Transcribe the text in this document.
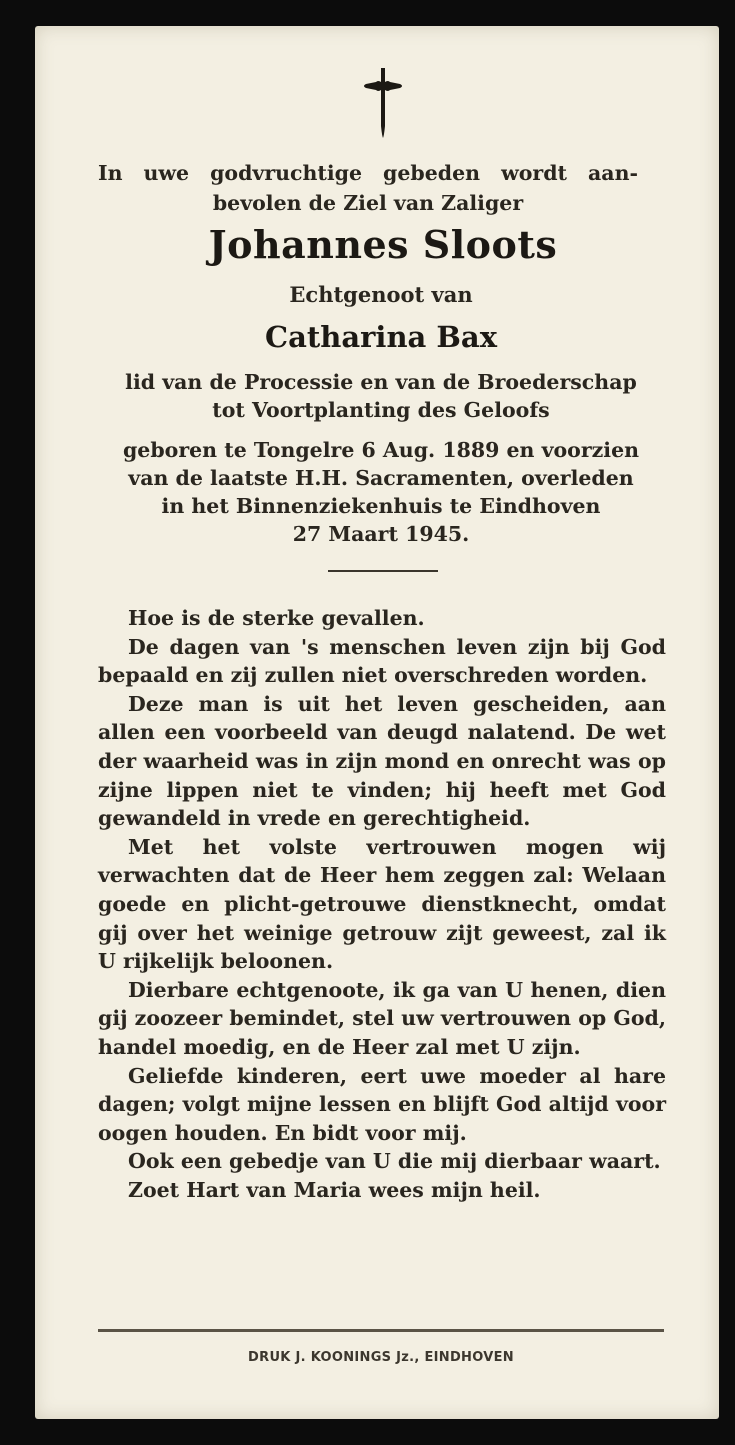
In uwe godvruchtige gebeden wordt aan-
bevolen de Ziel van Zaliger
Johannes Sloots
Echtgenoot van
Catharina Bax
lid van de Processie en van de Broederschap
tot Voortplanting des Geloofs
geboren te Tongelre 6 Aug. 1889 en voorzien
van de laatste H.H. Sacramenten, overleden
in het Binnenziekenhuis te Eindhoven
27 Maart 1945.

Hoe is de sterke gevallen.

De dagen van 's menschen leven zijn bij God bepaald en zij zullen niet overschreden worden.

Deze man is uit het leven gescheiden, aan allen een voorbeeld van deugd nalatend. De wet der waarheid was in zijn mond en onrecht was op zijne lippen niet te vinden; hij heeft met God gewandeld in vrede en gerechtigheid.

Met het volste vertrouwen mogen wij verwachten dat de Heer hem zeggen zal: Welaan goede en plicht-getrouwe dienstknecht, omdat gij over het weinige getrouw zijt geweest, zal ik U rijkelijk beloonen.

Dierbare echtgenoote, ik ga van U henen, dien gij zoozeer bemindet, stel uw vertrouwen op God, handel moedig, en de Heer zal met U zijn.

Geliefde kinderen, eert uwe moeder al hare dagen; volgt mijne lessen en blijft God altijd voor oogen houden. En bidt voor mij.

Ook een gebedje van U die mij dierbaar waart.

Zoet Hart van Maria wees mijn heil.

DRUK J. KOONINGS Jz., EINDHOVEN
